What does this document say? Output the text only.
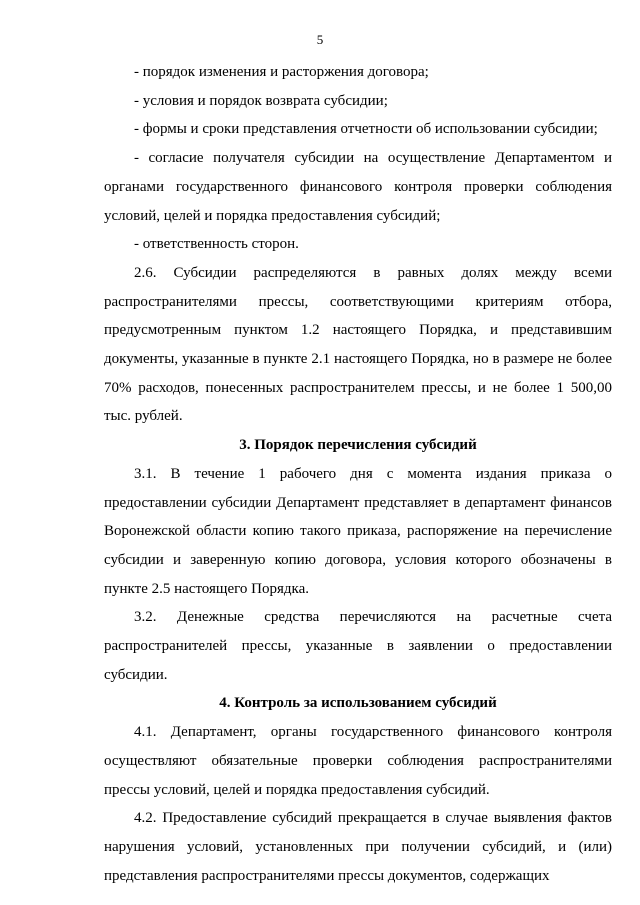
5

- порядок изменения и расторжения договора;

- условия и порядок возврата субсидии;

- формы и сроки представления отчетности об использовании субсидии;

- согласие получателя субсидии на осуществление Департаментом и органами государственного финансового контроля проверки соблюдения условий, целей и порядка предоставления субсидий;

- ответственность сторон.

2.6. Субсидии распределяются в равных долях между всеми распространителями прессы, соответствующими критериям отбора, предусмотренным пунктом 1.2 настоящего Порядка, и представившим документы, указанные в пункте 2.1 настоящего Порядка, но в размере не более 70% расходов, понесенных распространителем прессы, и не более 1 500,00 тыс. рублей.

3. Порядок перечисления субсидий

3.1. В течение 1 рабочего дня с момента издания приказа о предоставлении субсидии Департамент представляет в департамент финансов Воронежской области копию такого приказа, распоряжение на перечисление субсидии и заверенную копию договора, условия которого обозначены в пункте 2.5 настоящего Порядка.

3.2. Денежные средства перечисляются на расчетные счета распространителей прессы, указанные в заявлении о предоставлении субсидии.

4. Контроль за использованием субсидий

4.1. Департамент, органы государственного финансового контроля осуществляют обязательные проверки соблюдения распространителями прессы условий, целей и порядка предоставления субсидий.

4.2. Предоставление субсидий прекращается в случае выявления фактов нарушения условий, установленных при получении субсидий, и (или) представления распространителями прессы документов, содержащих
